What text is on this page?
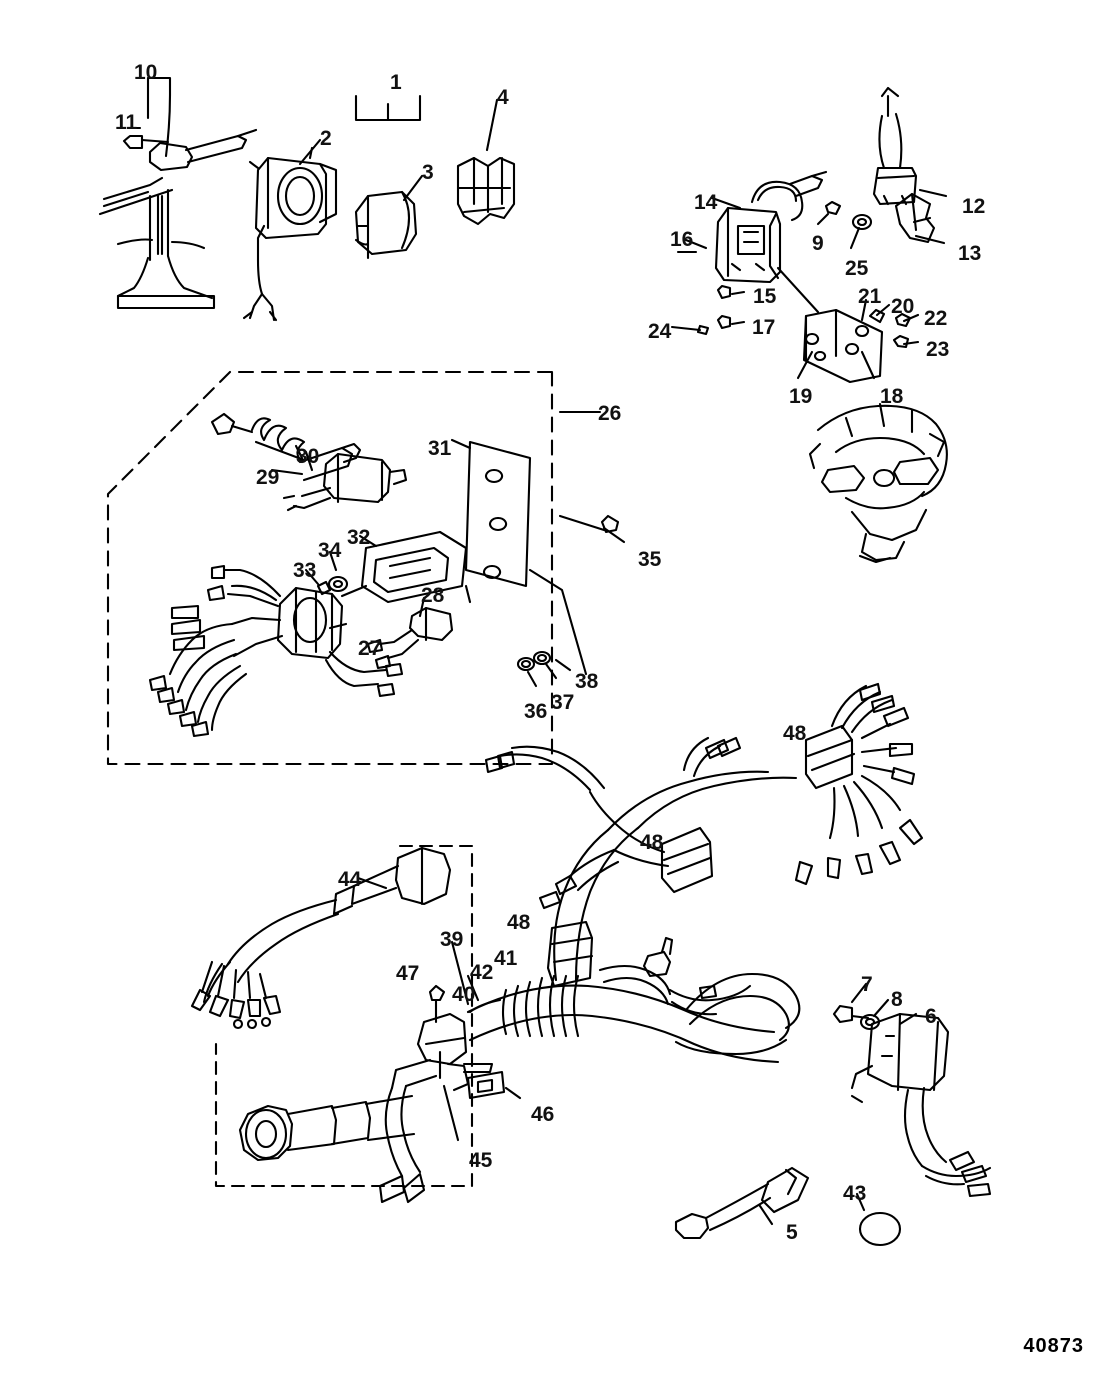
10
11
1
2
3
4
14
16	9
25
12
13
15
17
24
21 20
22
23
19	18
26
31
30
29
35
34
32
33
28
27
38
37
36
48
48
48
44
39
41
42
47
40	7
8
6
46
45
43
5
40873
